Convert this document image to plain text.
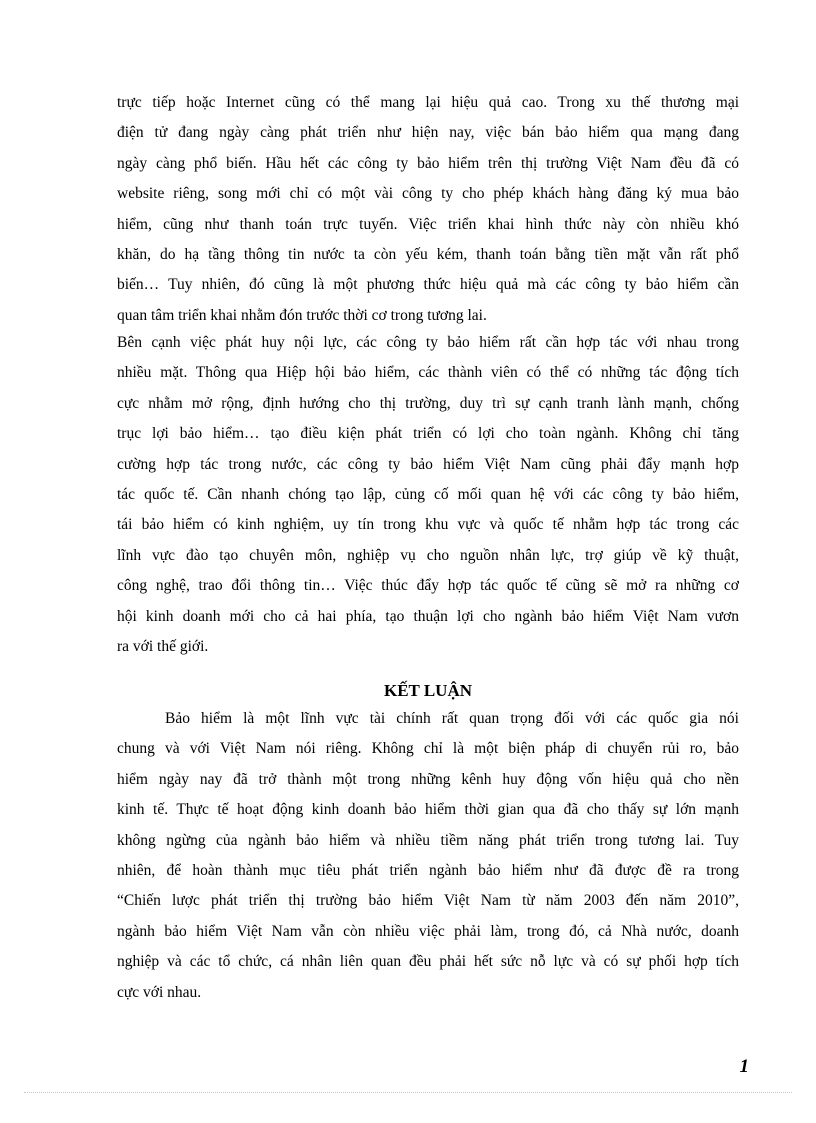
trực tiếp hoặc Internet cũng có thể mang lại hiệu quả cao. Trong xu thế thương mại
điện tử đang ngày càng phát triển như hiện nay, việc bán bảo hiểm qua mạng đang
ngày càng phổ biến. Hầu hết các công ty bảo hiểm trên thị trường Việt Nam đều đã có
website riêng, song mới chỉ có một vài công ty cho phép khách hàng đăng ký mua bảo
hiểm, cũng như thanh toán trực tuyến. Việc triển khai hình thức này còn nhiều khó
khăn, do hạ tầng thông tin nước ta còn yếu kém, thanh toán bằng tiền mặt vẫn rất phổ
biến… Tuy nhiên, đó cũng là một phương thức hiệu quả mà các công ty bảo hiểm cần
quan tâm triển khai nhằm đón trước thời cơ trong tương lai.
Bên cạnh việc phát huy nội lực, các công ty bảo hiểm rất cần hợp tác với nhau trong
nhiều mặt. Thông qua Hiệp hội bảo hiểm, các thành viên có thể có những tác động tích
cực nhằm mở rộng, định hướng cho thị trường, duy trì sự cạnh tranh lành mạnh, chống
trục lợi bảo hiểm… tạo điều kiện phát triển có lợi cho toàn ngành. Không chỉ tăng
cường hợp tác trong nước, các công ty bảo hiểm Việt Nam cũng phải đẩy mạnh hợp
tác quốc tế. Cần nhanh chóng tạo lập, củng cố mối quan hệ với các công ty bảo hiểm,
tái bảo hiểm có kinh nghiệm, uy tín trong khu vực và quốc tế nhằm hợp tác trong các
lĩnh vực đào tạo chuyên môn, nghiệp vụ cho nguồn nhân lực, trợ giúp về kỹ thuật,
công nghệ, trao đổi thông tin… Việc thúc đẩy hợp tác quốc tế cũng sẽ mở ra những cơ
hội kinh doanh mới cho cả hai phía, tạo thuận lợi cho ngành bảo hiểm Việt Nam vươn
ra với thế giới.
KẾT LUẬN
Bảo hiểm là một lĩnh vực tài chính rất quan trọng đối với các quốc gia nói
chung và với Việt Nam nói riêng. Không chỉ là một biện pháp di chuyển rủi ro, bảo
hiểm ngày nay đã trở thành một trong những kênh huy động vốn hiệu quả cho nền
kinh tế. Thực tế hoạt động kinh doanh bảo hiểm thời gian qua đã cho thấy sự lớn mạnh
không ngừng của ngành bảo hiểm và nhiều tiềm năng phát triển trong tương lai. Tuy
nhiên, để hoàn thành mục tiêu phát triển ngành bảo hiểm như đã được đề ra trong
“Chiến lược phát triển thị trường bảo hiểm Việt Nam từ năm 2003 đến năm 2010”,
ngành bảo hiểm Việt Nam vẫn còn nhiều việc phải làm, trong đó, cả Nhà nước, doanh
nghiệp và các tổ chức, cá nhân liên quan đều phải hết sức nỗ lực và có sự phối hợp tích
cực với nhau.
1
